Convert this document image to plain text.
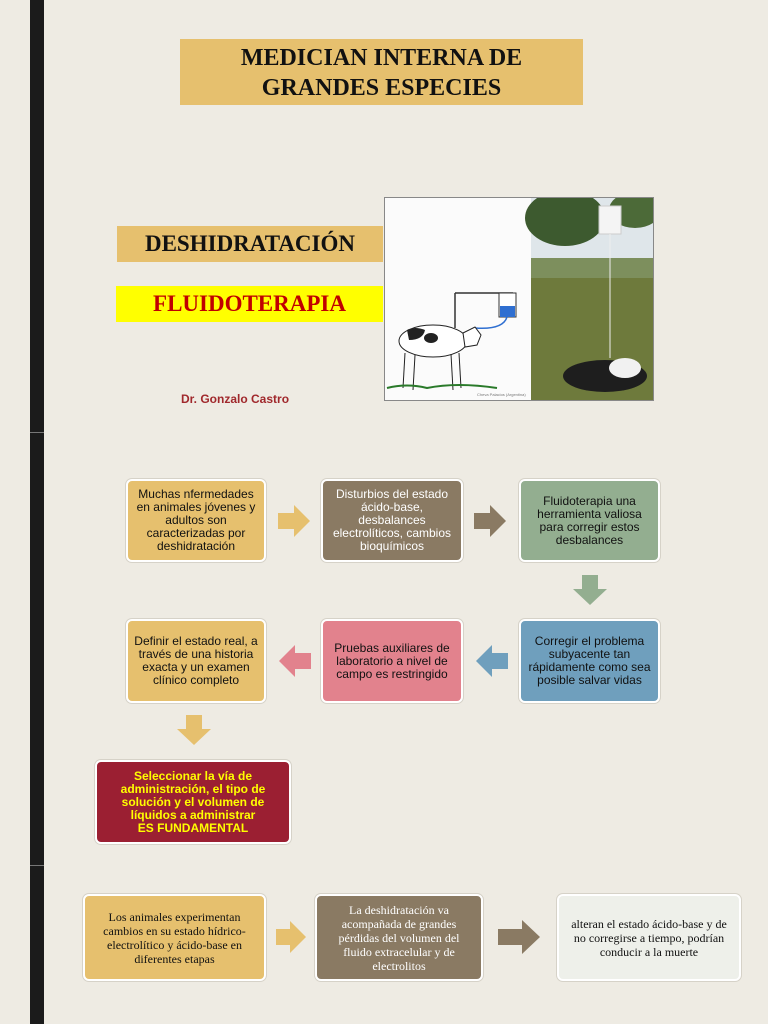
MEDICIAN INTERNA DE
GRANDES ESPECIES
DESHIDRATACIÓN
FLUIDOTERAPIA
Dr. Gonzalo Castro	Cheva Palacios (Argentina)
Muchas nfermedades en animales jóvenes y adultos son caracterizadas por deshidratación
Disturbios del estado ácido-base, desbalances electrolíticos, cambios bioquímicos
Fluidoterapia una herramienta valiosa para corregir estos desbalances
Corregir el problema subyacente tan rápidamente como sea posible salvar vidas
Pruebas auxiliares de laboratorio a nivel de campo es restringido
Definir el estado real, a través de una historia exacta y un examen clínico completo
Seleccionar la vía de administración, el tipo de solución y el volumen de líquidos a administrar
ES FUNDAMENTAL
Los animales experimentan cambios en su estado hídrico-electrolítico y ácido-base en diferentes etapas
La deshidratación va acompañada de grandes pérdidas del volumen del fluido extracelular y de electrolitos
alteran el estado ácido-base y de no corregirse a tiempo, podrían conducir a la muerte
